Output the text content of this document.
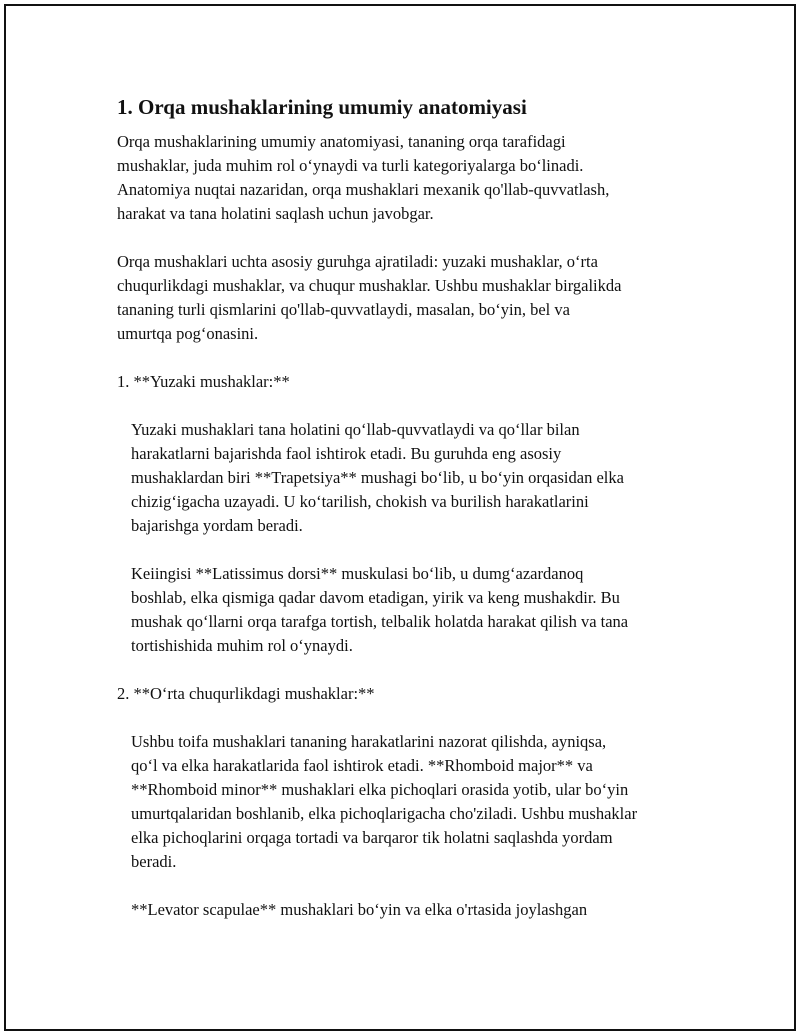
1. Orqa mushaklarining umumiy anatomiyasi
Orqa mushaklarining umumiy anatomiyasi, tananing orqa tarafidagi
mushaklar, juda muhim rol o‘ynaydi va turli kategoriyalarga bo‘linadi.
Anatomiya nuqtai nazaridan, orqa mushaklari mexanik qo'llab-quvvatlash,
harakat va tana holatini saqlash uchun javobgar.
Orqa mushaklari uchta asosiy guruhga ajratiladi: yuzaki mushaklar, o‘rta
chuqurlikdagi mushaklar, va chuqur mushaklar. Ushbu mushaklar birgalikda
tananing turli qismlarini qo'llab-quvvatlaydi, masalan, bo‘yin, bel va
umurtqa pog‘onasini.
1. **Yuzaki mushaklar:**
Yuzaki mushaklari tana holatini qo‘llab-quvvatlaydi va qo‘llar bilan
harakatlarni bajarishda faol ishtirok etadi. Bu guruhda eng asosiy
mushaklardan biri **Trapetsiya** mushagi bo‘lib, u bo‘yin orqasidan elka
chizig‘igacha uzayadi. U ko‘tarilish, chokish va burilish harakatlarini
bajarishga yordam beradi.
Keiingisi **Latissimus dorsi** muskulasi bo‘lib, u dumg‘azardanoq
boshlab, elka qismiga qadar davom etadigan, yirik va keng mushakdir. Bu
mushak qo‘llarni orqa tarafga tortish, telbalik holatda harakat qilish va tana
tortishishida muhim rol o‘ynaydi.
2. **O‘rta chuqurlikdagi mushaklar:**
Ushbu toifa mushaklari tananing harakatlarini nazorat qilishda, ayniqsa,
qo‘l va elka harakatlarida faol ishtirok etadi. **Rhomboid major** va
**Rhomboid minor** mushaklari elka pichoqlari orasida yotib, ular bo‘yin
umurtqalaridan boshlanib, elka pichoqlarigacha cho'ziladi. Ushbu mushaklar
elka pichoqlarini orqaga tortadi va barqaror tik holatni saqlashda yordam
beradi.
**Levator scapulae** mushaklari bo‘yin va elka o'rtasida joylashgan
